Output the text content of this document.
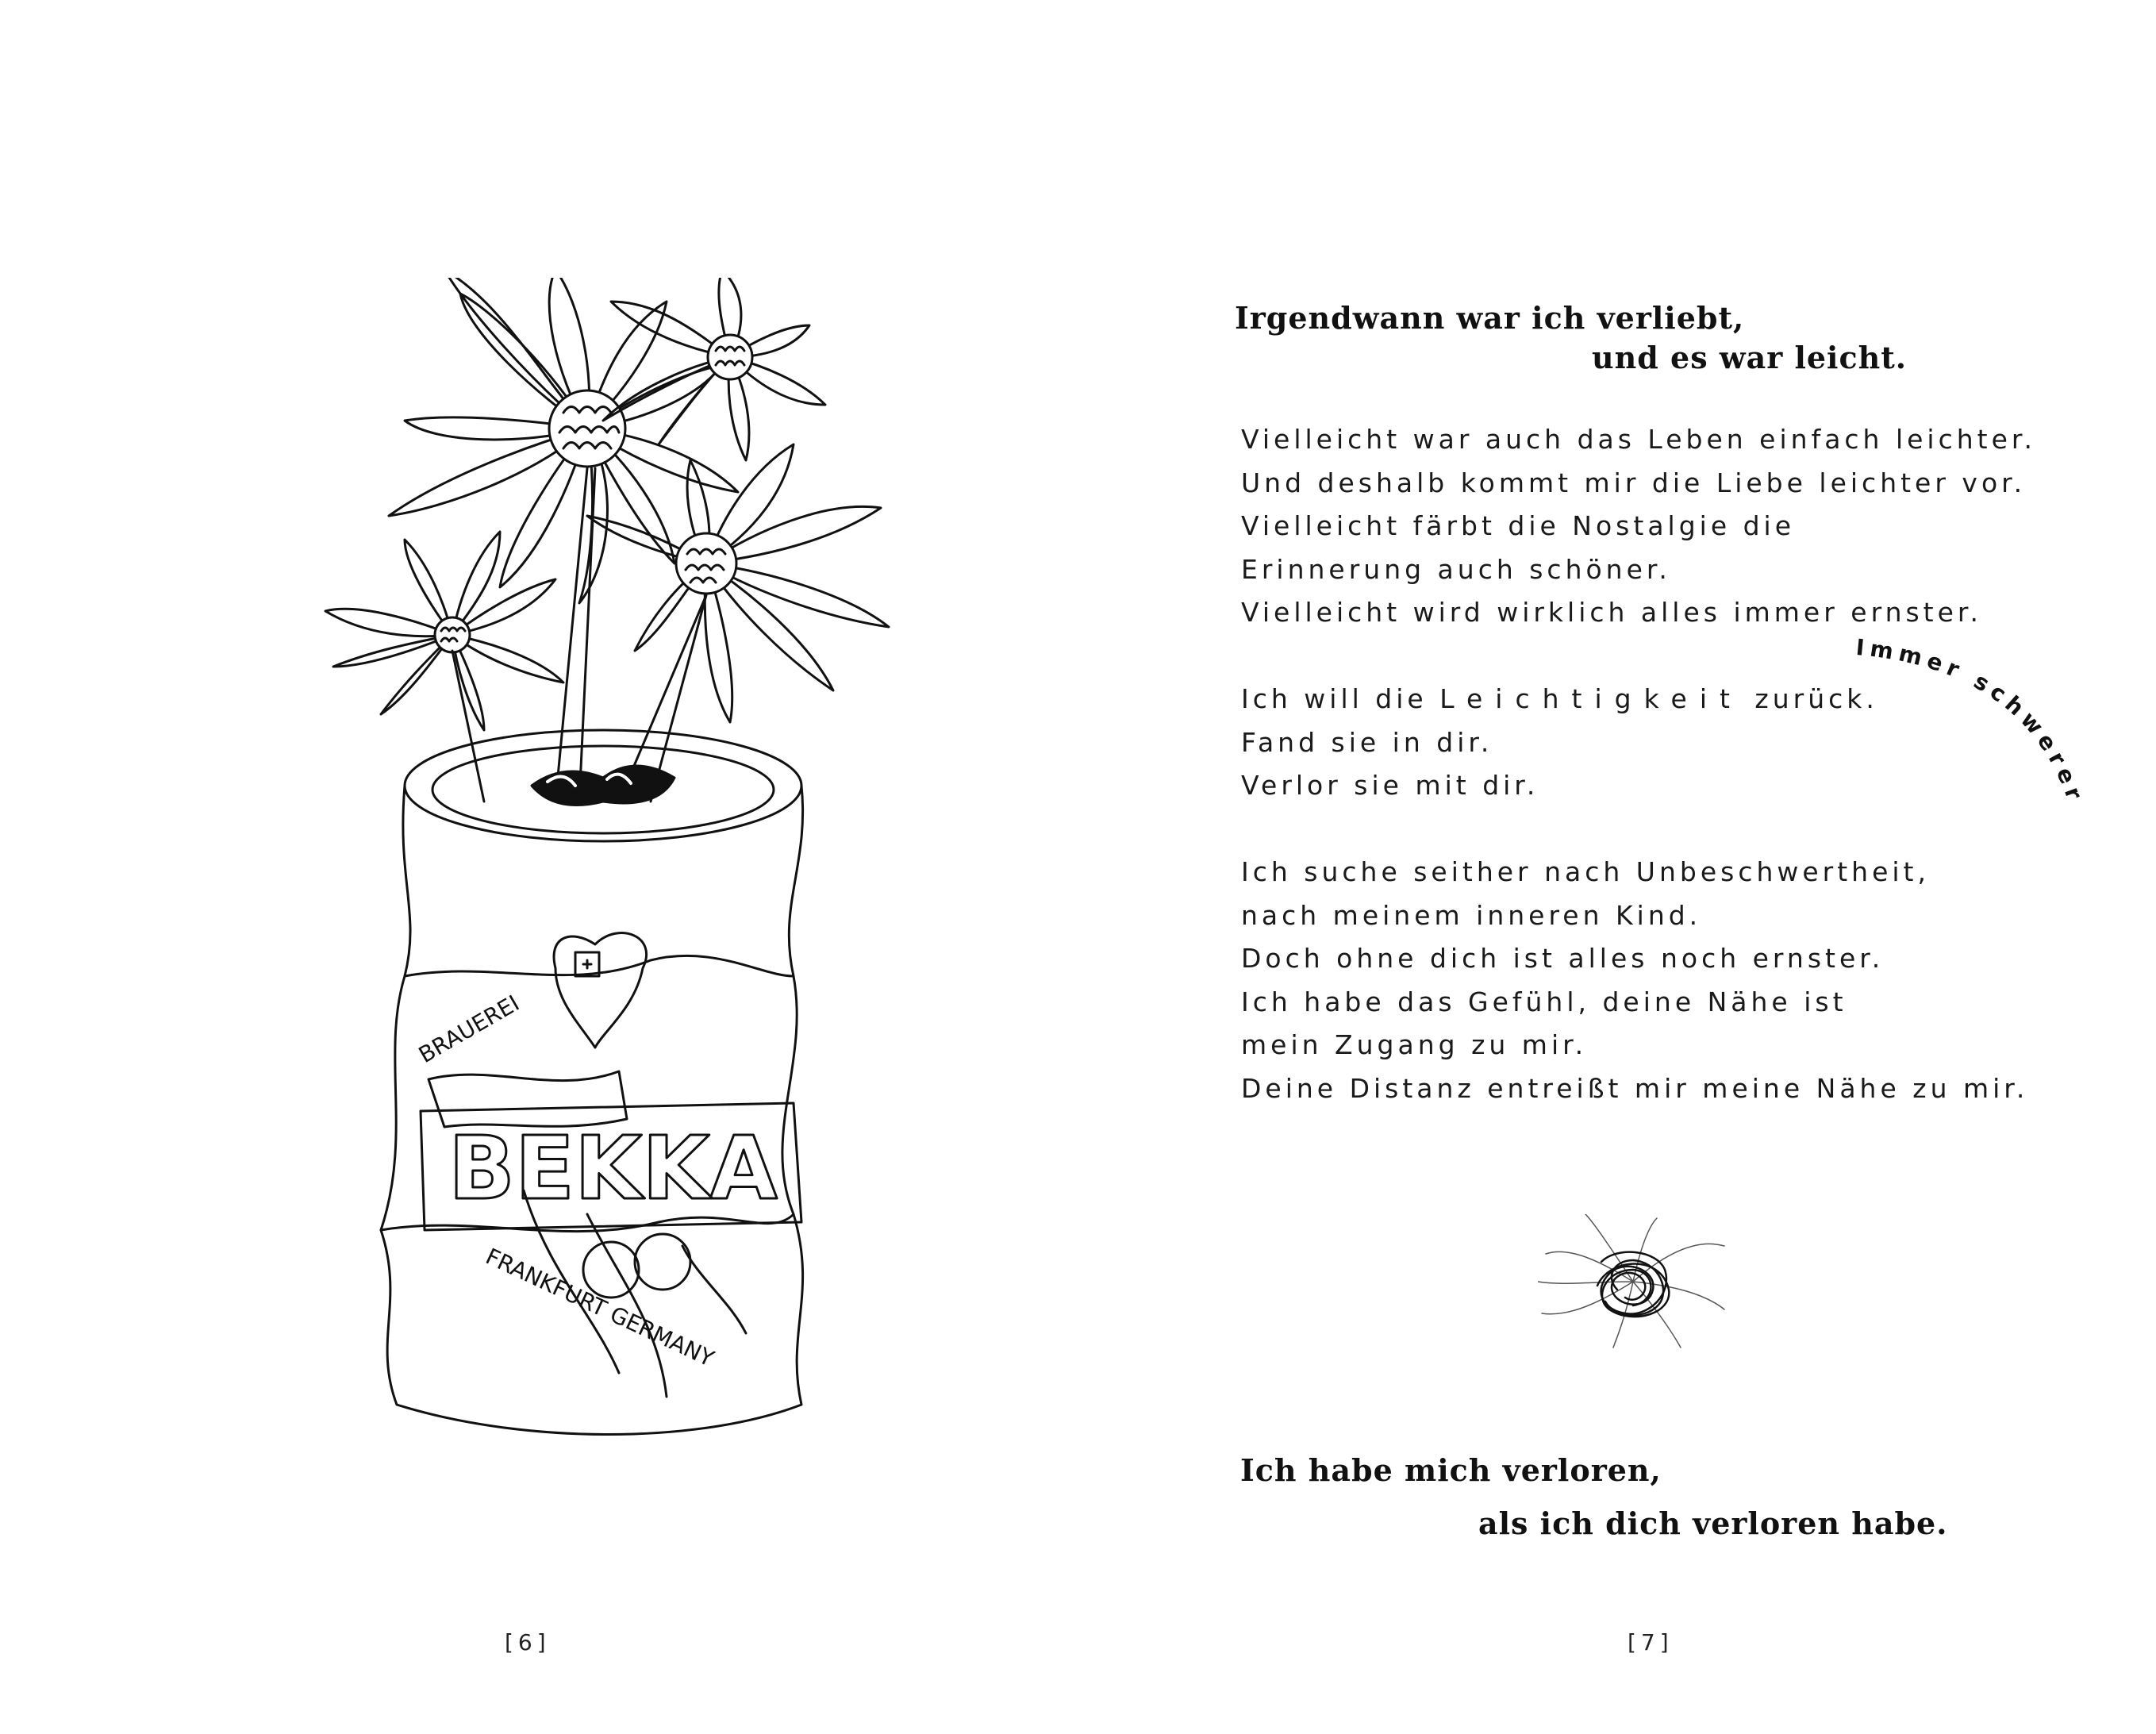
BEKKA
BRAUEREI
FRANKFURT GERMANY
[6]
Irgendwann war ich verliebt,
und es war leicht.
Vielleicht war auch das Leben einfach leichter.
Und deshalb kommt mir die Liebe leichter vor.
Vielleicht färbt die Nostalgie die
Erinnerung auch schöner.
Vielleicht wird wirklich alles immer ernster.
Ich will die Leichtigkeit zurück.
Fand sie in dir.
Verlor sie mit dir.
Ich suche seither nach Unbeschwertheit,
nach meinem inneren Kind.
Doch ohne dich ist alles noch ernster.
Ich habe das Gefühl, deine Nähe ist
mein Zugang zu mir.
Deine Distanz entreißt mir meine Nähe zu mir.
Immer schwerer
Ich habe mich verloren,
als ich dich verloren habe.
[7]
